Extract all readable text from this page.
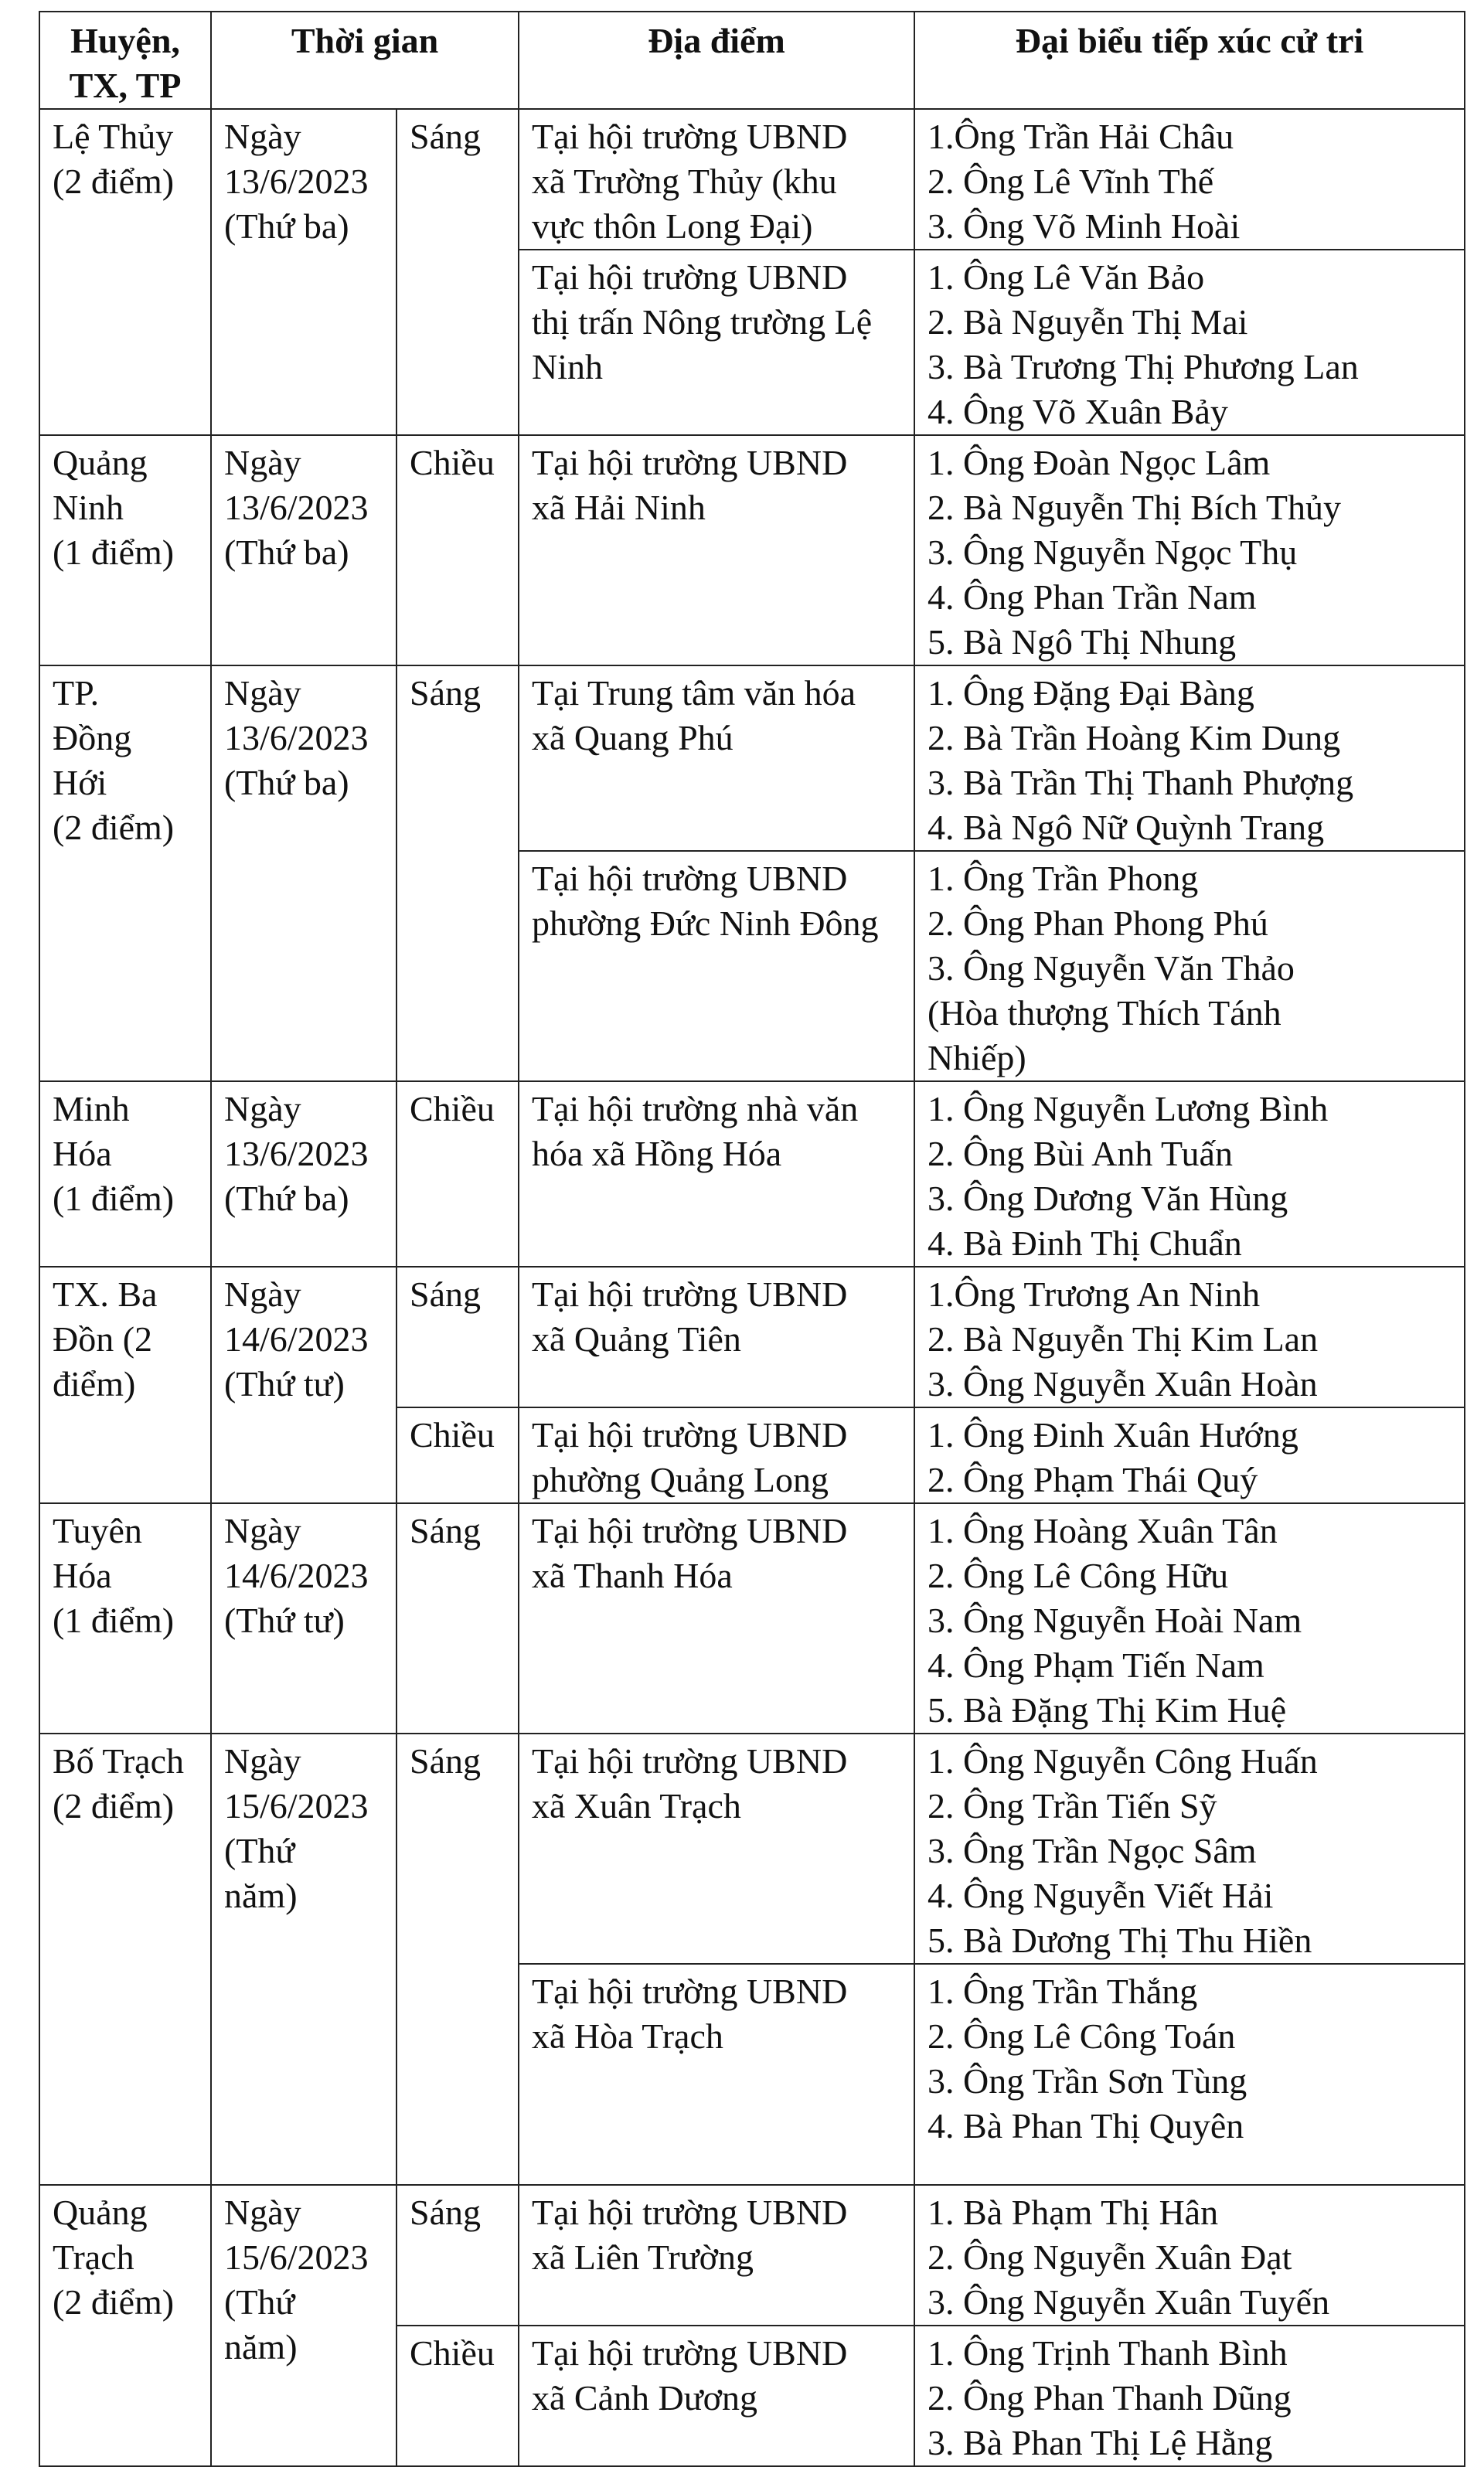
Huyện,
TX, TP	Thời gian		Địa điểm	Đại biểu tiếp xúc cử tri

Lệ Thủy
(2 điểm)	Ngày
13/6/2023
(Thứ ba)	Sáng	Tại hội trường UBND
xã Trường Thủy (khu
vực thôn Long Đại)	1.Ông Trần Hải Châu
2. Ông Lê Vĩnh Thế
3. Ông Võ Minh Hoài

			Tại hội trường UBND
thị trấn Nông trường Lệ
Ninh	1. Ông Lê Văn Bảo
2. Bà Nguyễn Thị Mai
3. Bà Trương Thị Phương Lan
4. Ông Võ Xuân Bảy

Quảng
Ninh
(1 điểm)	Ngày
13/6/2023
(Thứ ba)	Chiều	Tại hội trường UBND
xã Hải Ninh	1. Ông Đoàn Ngọc Lâm
2. Bà Nguyễn Thị Bích Thủy
3. Ông Nguyễn Ngọc Thụ
4. Ông Phan Trần Nam
5. Bà Ngô Thị Nhung

TP.
Đồng
Hới
(2 điểm)	Ngày
13/6/2023
(Thứ ba)	Sáng	Tại Trung tâm văn hóa
xã Quang Phú	1. Ông Đặng Đại Bàng
2. Bà Trần Hoàng Kim Dung
3. Bà Trần Thị Thanh Phượng
4. Bà Ngô Nữ Quỳnh Trang

			Tại hội trường UBND
phường Đức Ninh Đông	1. Ông Trần Phong
2. Ông Phan Phong Phú
3. Ông Nguyễn Văn Thảo
(Hòa thượng Thích Tánh
Nhiếp)

Minh
Hóa
(1 điểm)	Ngày
13/6/2023
(Thứ ba)	Chiều	Tại hội trường nhà văn
hóa xã Hồng Hóa	1. Ông Nguyễn Lương Bình
2. Ông Bùi Anh Tuấn
3. Ông Dương Văn Hùng
4. Bà Đinh Thị Chuẩn

TX. Ba
Đồn (2
điểm)	Ngày
14/6/2023
(Thứ tư)	Sáng	Tại hội trường UBND
xã Quảng Tiên	1.Ông Trương An Ninh
2. Bà Nguyễn Thị Kim Lan
3. Ông Nguyễn Xuân Hoàn

		Chiều	Tại hội trường UBND
phường Quảng Long	1. Ông Đinh Xuân Hướng
2. Ông Phạm Thái Quý

Tuyên
Hóa
(1 điểm)	Ngày
14/6/2023
(Thứ tư)	Sáng	Tại hội trường UBND
xã Thanh Hóa	1. Ông Hoàng Xuân Tân
2. Ông Lê Công Hữu
3. Ông Nguyễn Hoài Nam
4. Ông Phạm Tiến Nam
5. Bà Đặng Thị Kim Huệ

Bố Trạch
(2 điểm)	Ngày
15/6/2023
(Thứ
năm)	Sáng	Tại hội trường UBND
xã Xuân Trạch	1. Ông Nguyễn Công Huấn
2. Ông Trần Tiến Sỹ
3. Ông Trần Ngọc Sâm
4. Ông Nguyễn Viết Hải
5. Bà Dương Thị Thu Hiền

			Tại hội trường UBND
xã Hòa Trạch	1. Ông Trần Thắng
2. Ông Lê Công Toán
3. Ông Trần Sơn Tùng
4. Bà Phan Thị Quyên

Quảng
Trạch
(2 điểm)	Ngày
15/6/2023
(Thứ
năm)	Sáng	Tại hội trường UBND
xã Liên Trường	1. Bà Phạm Thị Hân
2. Ông Nguyễn Xuân Đạt
3. Ông Nguyễn Xuân Tuyến

		Chiều	Tại hội trường UBND
xã Cảnh Dương	1. Ông Trịnh Thanh Bình
2. Ông Phan Thanh Dũng
3. Bà Phan Thị Lệ Hằng
